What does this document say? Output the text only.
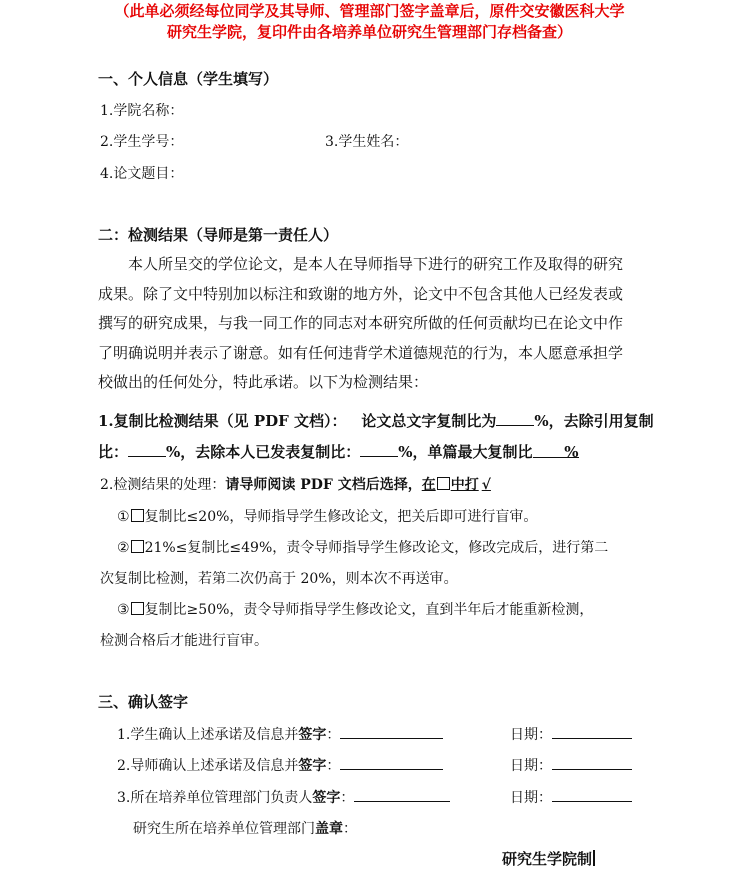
（此单必须经每位同学及其导师、管理部门签字盖章后，原件交安徽医科大学
研究生学院，复印件由各培养单位研究生管理部门存档备查）
一、个人信息（学生填写）
1.学院名称：
2.学生学号：	3.学生姓名：
4.论文题目：
二：检测结果（导师是第一责任人）
本人所呈交的学位论文，是本人在导师指导下进行的研究工作及取得的研究
成果。除了文中特别加以标注和致谢的地方外，论文中不包含其他人已经发表或
撰写的研究成果，与我一同工作的同志对本研究所做的任何贡献均已在论文中作
了明确说明并表示了谢意。如有任何违背学术道德规范的行为，本人愿意承担学
校做出的任何处分，特此承诺。以下为检测结果：
1.复制比检测结果（见 PDF 文档）： 论文总文字复制比为	%，去除引用复制
比：	%，去除本人已发表复制比：	%，单篇最大复制比 %
2.检测结果的处理：请导师阅读 PDF 文档后选择，在 中打 √
① 复制比≤20%，导师指导学生修改论文，把关后即可进行盲审。
② 21%≤复制比≤49%，责令导师指导学生修改论文，修改完成后，进行第二
次复制比检测，若第二次仍高于 20%，则本次不再送审。
③ 复制比≥50%，责令导师指导学生修改论文，直到半年后才能重新检测，
检测合格后才能进行盲审。
三、确认签字
1.学生确认上述承诺及信息并签字：	日期：
2.导师确认上述承诺及信息并签字：	日期：
3.所在培养单位管理部门负责人签字：	日期：
研究生所在培养单位管理部门盖章：
研究生学院制
